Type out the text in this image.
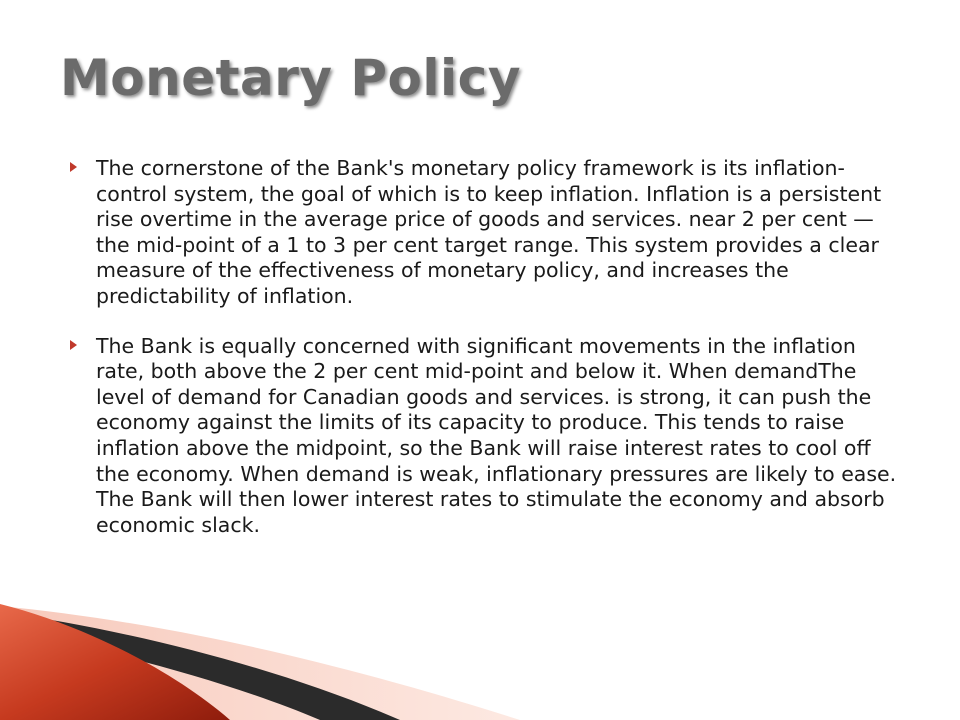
Monetary Policy

The cornerstone of the Bank's monetary policy framework is its inflation-control system, the goal of which is to keep inflation. Inflation is a persistent rise overtime in the average price of goods and services. near 2 per cent — the mid-point of a 1 to 3 per cent target range. This system provides a clear measure of the effectiveness of monetary policy, and increases the predictability of inflation.

The Bank is equally concerned with significant movements in the inflation rate, both above the 2 per cent mid-point and below it. When demandThe level of demand for Canadian goods and services. is strong, it can push the economy against the limits of its capacity to produce. This tends to raise inflation above the midpoint, so the Bank will raise interest rates to cool off the economy. When demand is weak, inflationary pressures are likely to ease. The Bank will then lower interest rates to stimulate the economy and absorb economic slack.
